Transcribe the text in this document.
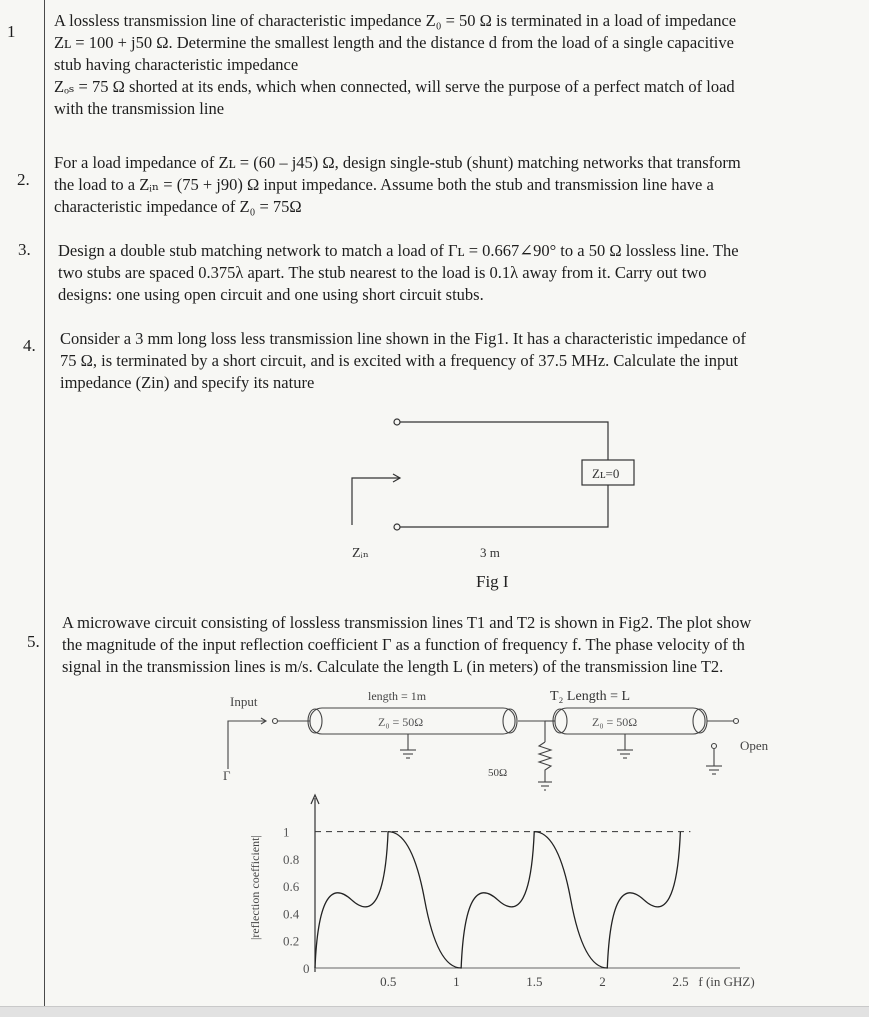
1
A lossless transmission line of characteristic impedance Z₀ = 50 Ω is terminated in a load of impedance
Zʟ = 100 + j50 Ω. Determine the smallest length and the distance d from the load of a single capacitive
stub having characteristic impedance
Zₒₛ = 75 Ω shorted at its ends, which when connected, will serve the purpose of a perfect match of load
with the transmission line
2.
For a load impedance of Zʟ = (60 – j45) Ω, design single-stub (shunt) matching networks that transform
the load to a Zᵢₙ = (75 + j90) Ω input impedance. Assume both the stub and transmission line have a
characteristic impedance of Z₀ = 75Ω
3. Design a double stub matching network to match a load of Γʟ = 0.667∠90° to a 50 Ω lossless line. The
two stubs are spaced 0.375λ apart. The stub nearest to the load is 0.1λ away from it. Carry out two
designs: one using open circuit and one using short circuit stubs.
4. Consider a 3 mm long loss less transmission line shown in the Fig1. It has a characteristic impedance of
75 Ω, is terminated by a short circuit, and is excited with a frequency of 37.5 MHz. Calculate the input
impedance (Zin) and specify its nature
Zʟ=0
Zᵢₙ	3 m
Fig I
5.
A microwave circuit consisting of lossless transmission lines T1 and T2 is shown in Fig2. The plot show
the magnitude of the input reflection coefficient Γ as a function of frequency f. The phase velocity of th
signal in the transmission lines is m/s. Calculate the length L (in meters) of the transmission line T2.
Input
Γ
length = 1m
Z₀ = 50Ω
T₂ Length = L
Z₀ = 50Ω
50Ω
Open
|reflection coefficient|
0
0.2
0.4
0.6
0.8
1
0.5	1	1.5	2	2.5 f (in GHZ)
